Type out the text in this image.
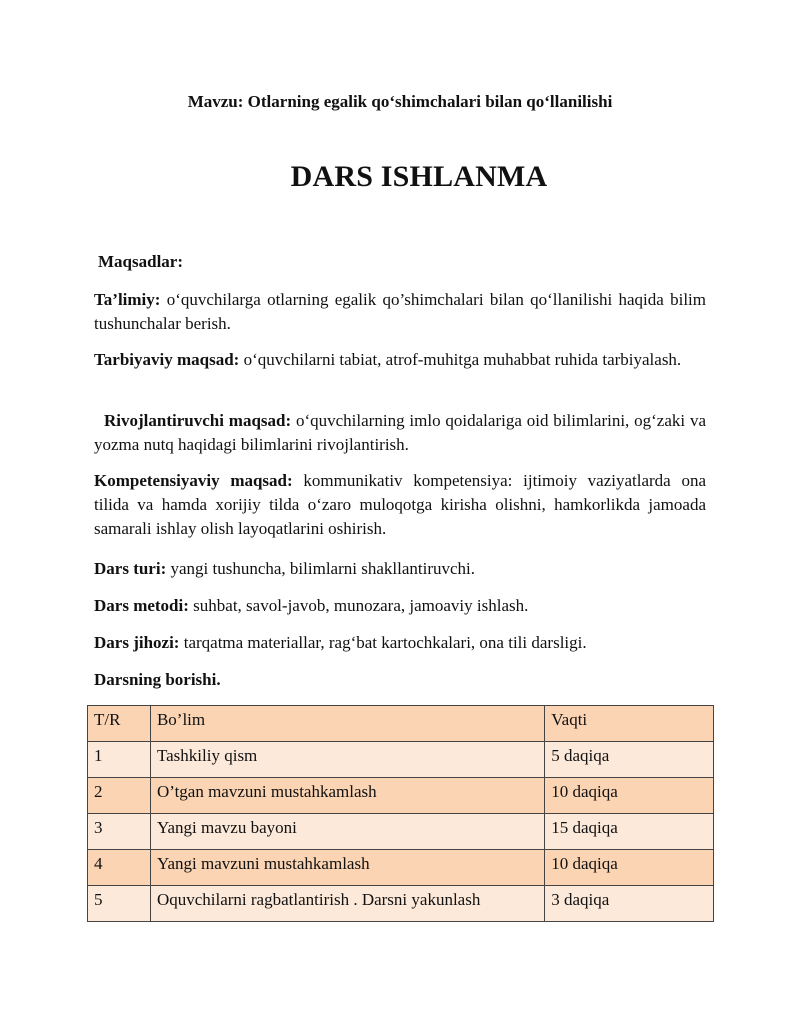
Mavzu: Otlarning egalik qo‘shimchalari bilan qo‘llanilishi
DARS ISHLANMA
Maqsadlar:
Ta’limiy: o‘quvchilarga otlarning egalik qo’shimchalari bilan qo‘llanilishi haqida bilim tushunchalar berish.
Tarbiyaviy maqsad: o‘quvchilarni tabiat, atrof-muhitga muhabbat ruhida tarbiyalash.
Rivojlantiruvchi maqsad: o‘quvchilarning imlo qoidalariga oid bilimlarini, og‘zaki va yozma nutq haqidagi bilimlarini rivojlantirish.
Kompetensiyaviy maqsad: kommunikativ kompetensiya: ijtimoiy vaziyatlarda ona tilida va hamda xorijiy tilda o‘zaro muloqotga kirisha olishni, hamkorlikda jamoada samarali ishlay olish layoqatlarini oshirish.
Dars turi: yangi tushuncha, bilimlarni shakllantiruvchi.
Dars metodi: suhbat, savol-javob, munozara, jamoaviy ishlash.
Dars jihozi: tarqatma materiallar, rag‘bat kartochkalari, ona tili darsligi.
Darsning borishi.
T/R	Bo’lim	Vaqti
1	Tashkiliy qism	5 daqiqa
2	O’tgan mavzuni mustahkamlash	10 daqiqa
3	Yangi mavzu bayoni	15 daqiqa
4	Yangi mavzuni mustahkamlash	10 daqiqa
5	Oquvchilarni ragbatlantirish . Darsni yakunlash	3 daqiqa
